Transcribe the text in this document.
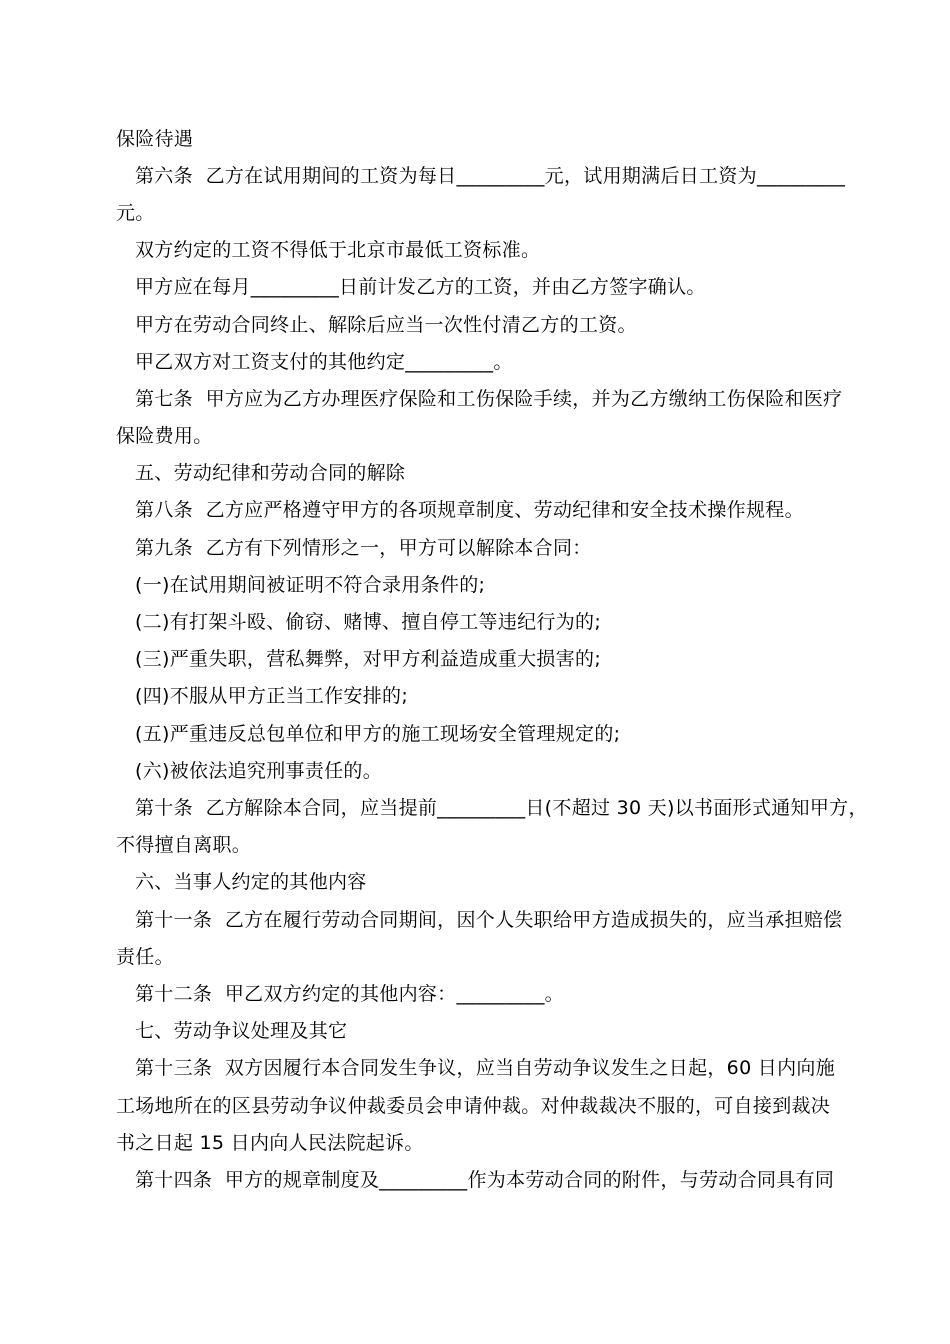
保险待遇
第六条  乙方在试用期间的工资为每日_________元，试用期满后日工资为_________
元。
双方约定的工资不得低于北京市最低工资标准。
甲方应在每月_________日前计发乙方的工资，并由乙方签字确认。
甲方在劳动合同终止、解除后应当一次性付清乙方的工资。
甲乙双方对工资支付的其他约定_________。
第七条  甲方应为乙方办理医疗保险和工伤保险手续，并为乙方缴纳工伤保险和医疗
保险费用。
五、劳动纪律和劳动合同的解除
第八条  乙方应严格遵守甲方的各项规章制度、劳动纪律和安全技术操作规程。
第九条  乙方有下列情形之一，甲方可以解除本合同：
(一)在试用期间被证明不符合录用条件的;
(二)有打架斗殴、偷窃、赌博、擅自停工等违纪行为的;
(三)严重失职，营私舞弊，对甲方利益造成重大损害的;
(四)不服从甲方正当工作安排的;
(五)严重违反总包单位和甲方的施工现场安全管理规定的;
(六)被依法追究刑事责任的。
第十条  乙方解除本合同，应当提前_________日(不超过 30 天)以书面形式通知甲方，
不得擅自离职。
六、当事人约定的其他内容
第十一条  乙方在履行劳动合同期间，因个人失职给甲方造成损失的，应当承担赔偿
责任。
第十二条  甲乙双方约定的其他内容：_________。
七、劳动争议处理及其它
第十三条  双方因履行本合同发生争议，应当自劳动争议发生之日起，60 日内向施
工场地所在的区县劳动争议仲裁委员会申请仲裁。对仲裁裁决不服的，可自接到裁决
书之日起 15 日内向人民法院起诉。
第十四条  甲方的规章制度及_________作为本劳动合同的附件，与劳动合同具有同
